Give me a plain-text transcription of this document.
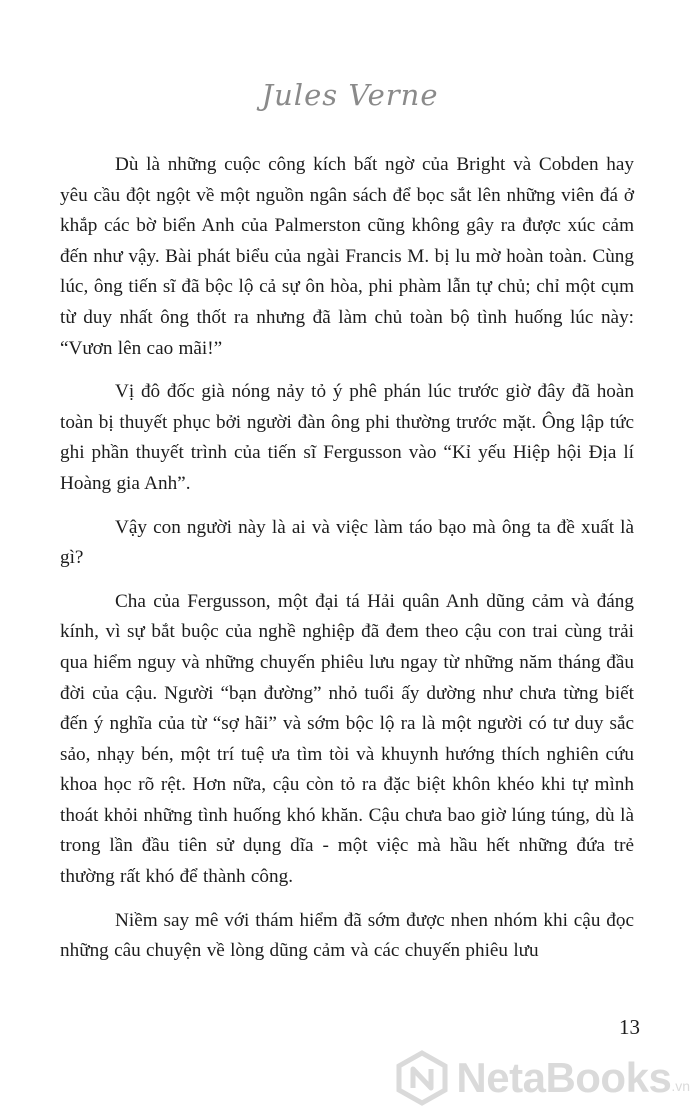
Jules Verne

Dù là những cuộc công kích bất ngờ của Bright và Cobden hay yêu cầu đột ngột về một nguồn ngân sách để bọc sắt lên những viên đá ở khắp các bờ biển Anh của Palmerston cũng không gây ra được xúc cảm đến như vậy. Bài phát biểu của ngài Francis M. bị lu mờ hoàn toàn. Cùng lúc, ông tiến sĩ đã bộc lộ cả sự ôn hòa, phi phàm lẫn tự chủ; chỉ một cụm từ duy nhất ông thốt ra nhưng đã làm chủ toàn bộ tình huống lúc này: “Vươn lên cao mãi!”

Vị đô đốc già nóng nảy tỏ ý phê phán lúc trước giờ đây đã hoàn toàn bị thuyết phục bởi người đàn ông phi thường trước mặt. Ông lập tức ghi phần thuyết trình của tiến sĩ Fergusson vào “Kỉ yếu Hiệp hội Địa lí Hoàng gia Anh”.

Vậy con người này là ai và việc làm táo bạo mà ông ta đề xuất là gì?

Cha của Fergusson, một đại tá Hải quân Anh dũng cảm và đáng kính, vì sự bắt buộc của nghề nghiệp đã đem theo cậu con trai cùng trải qua hiểm nguy và những chuyến phiêu lưu ngay từ những năm tháng đầu đời của cậu. Người “bạn đường” nhỏ tuổi ấy dường như chưa từng biết đến ý nghĩa của từ “sợ hãi” và sớm bộc lộ ra là một người có tư duy sắc sảo, nhạy bén, một trí tuệ ưa tìm tòi và khuynh hướng thích nghiên cứu khoa học rõ rệt. Hơn nữa, cậu còn tỏ ra đặc biệt khôn khéo khi tự mình thoát khỏi những tình huống khó khăn. Cậu chưa bao giờ lúng túng, dù là trong lần đầu tiên sử dụng dĩa - một việc mà hầu hết những đứa trẻ thường rất khó để thành công.

Niềm say mê với thám hiểm đã sớm được nhen nhóm khi cậu đọc những câu chuyện về lòng dũng cảm và các chuyến phiêu lưu

13
NetaBooks .vn
